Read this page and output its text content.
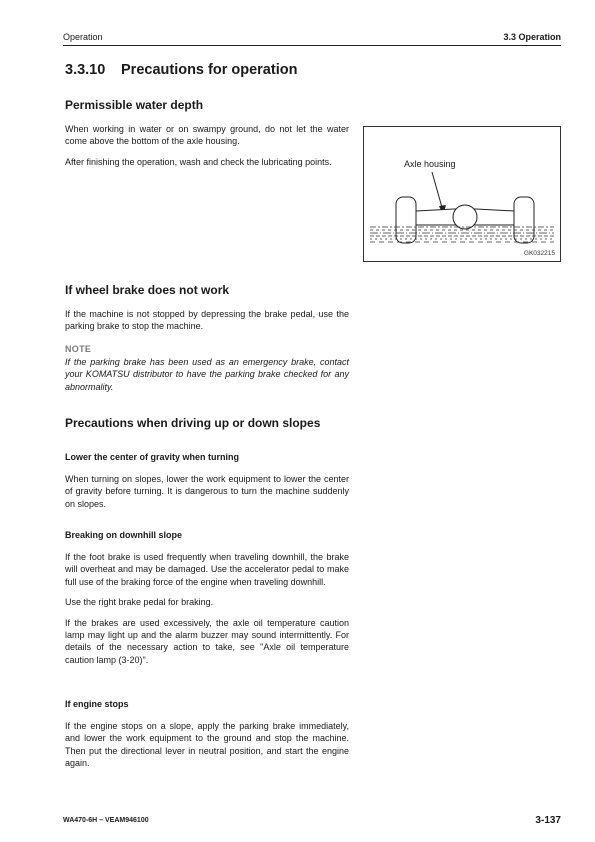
Operation	3.3 Operation
3.3.10 Precautions for operation
Permissible water depth

When working in water or on swampy ground, do not let the water come above the bottom of the axle housing.

After finishing the operation, wash and check the lubricating points.	Axle housing
GK032215
If wheel brake does not work

If the machine is not stopped by depressing the brake pedal, use the parking brake to stop the machine.

NOTE

If the parking brake has been used as an emergency brake, contact your KOMATSU distributor to have the parking brake checked for any abnormality.

Precautions when driving up or down slopes
Lower the center of gravity when turning

When turning on slopes, lower the work equipment to lower the center of gravity before turning. It is dangerous to turn the machine suddenly on slopes.

Breaking on downhill slope

If the foot brake is used frequently when traveling downhill, the brake will overheat and may be damaged. Use the accelerator pedal to make full use of the braking force of the engine when traveling downhill.

Use the right brake pedal for braking.

If the brakes are used excessively, the axle oil temperature caution lamp may light up and the alarm buzzer may sound intermittently. For details of the necessary action to take, see "Axle oil temperature caution lamp (3-20)".

If engine stops

If the engine stops on a slope, apply the parking brake immediately, and lower the work equipment to the ground and stop the machine. Then put the directional lever in neutral position, and start the engine again.

WA470-6H – VEAM946100	3-137
